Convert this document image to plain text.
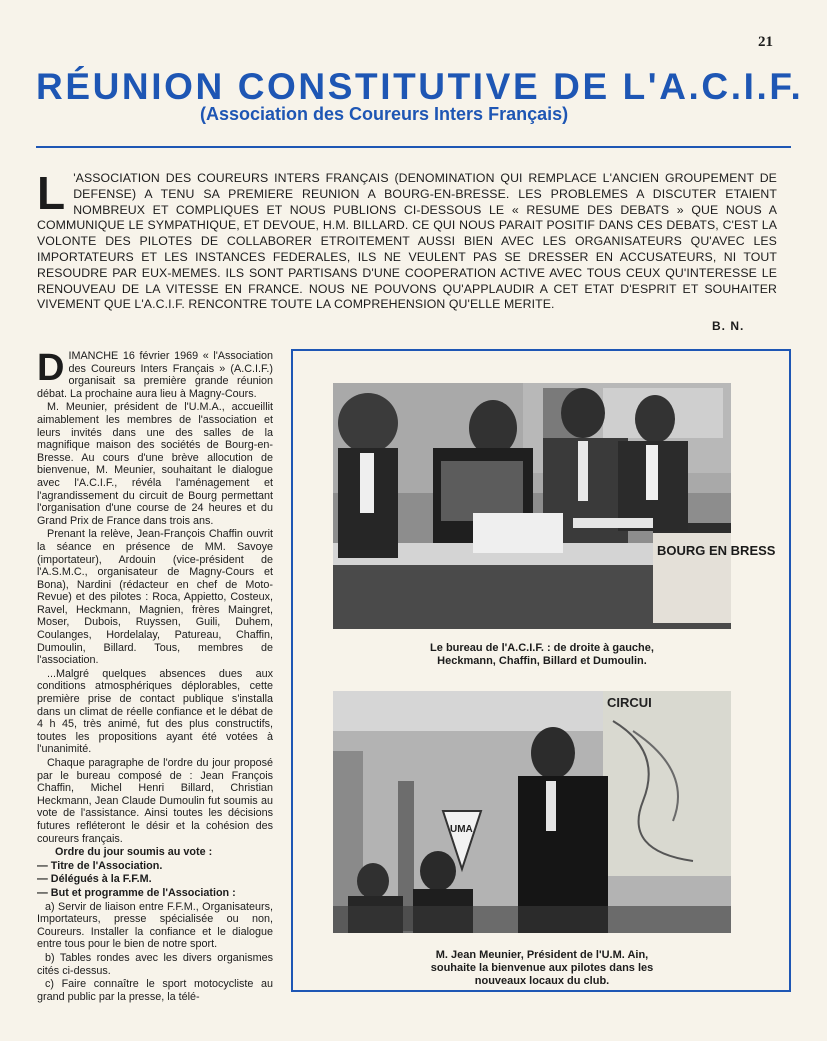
21
RÉUNION CONSTITUTIVE DE L'A.C.I.F.
(Association des Coureurs Inters Français)
L 'ASSOCIATION DES COUREURS INTERS FRANÇAIS (DENOMINATION QUI REMPLACE L'ANCIEN GROUPEMENT DE DEFENSE) A TENU SA PREMIERE REUNION A BOURG-EN-BRESSE. LES PROBLEMES A DISCUTER ETAIENT NOMBREUX ET COMPLIQUES ET NOUS PUBLIONS CI-DESSOUS LE « RESUME DES DEBATS » QUE NOUS A COMMUNIQUE LE SYMPATHIQUE, ET DEVOUE, H.M. BILLARD. CE QUI NOUS PARAIT POSITIF DANS CES DEBATS, C'EST LA VOLONTE DES PILOTES DE COLLABORER ETROITEMENT AUSSI BIEN AVEC LES ORGANISATEURS QU'AVEC LES IMPORTATEURS ET LES INSTANCES FEDERALES, ILS NE VEULENT PAS SE DRESSER EN ACCUSATEURS, NI TOUT RESOUDRE PAR EUX-MEMES. ILS SONT PARTISANS D'UNE COOPERATION ACTIVE AVEC TOUS CEUX QU'INTERESSE LE RENOUVEAU DE LA VITESSE EN FRANCE. NOUS NE POUVONS QU'APPLAUDIR A CET ETAT D'ESPRIT ET SOUHAITER VIVEMENT QUE L'A.C.I.F. RENCONTRE TOUTE LA COMPREHENSION QU'ELLE MERITE.
B. N.

DIMANCHE 16 février 1969 « l'Association des Coureurs Inters Français » (A.C.I.F.) organisait sa première grande réunion débat. La prochaine aura lieu à Magny-Cours.

M. Meunier, président de l'U.M.A., accueillit aimablement les membres de l'association et leurs invités dans une des salles de la magnifique maison des sociétés de Bourg-en-Bresse. Au cours d'une brève allocution de bienvenue, M. Meunier, souhaitant le dialogue avec l'A.C.I.F., révéla l'aménagement et l'agrandissement du circuit de Bourg permettant l'organisation d'une course de 24 heures et du Grand Prix de France dans trois ans.

Prenant la relève, Jean-François Chaffin ouvrit la séance en présence de MM. Savoye (importateur), Ardouin (vice-président de l'A.S.M.C., organisateur de Magny-Cours et Bona), Nardini (rédacteur en chef de Moto-Revue) et des pilotes : Roca, Appietto, Costeux, Ravel, Heckmann, Magnien, frères Maingret, Moser, Dubois, Ruyssen, Guili, Duhem, Coulanges, Hordelalay, Patureau, Chaffin, Dumoulin, Billard. Tous, membres de l'association.

...Malgré quelques absences dues aux conditions atmosphériques déplorables, cette première prise de contact publique s'installa dans un climat de réelle confiance et le débat de 4 h 45, très animé, fut des plus constructifs, toutes les propositions ayant été votées à l'unanimité.

Chaque paragraphe de l'ordre du jour proposé par le bureau composé de : Jean François Chaffin, Michel Henri Billard, Christian Heckmann, Jean Claude Dumoulin fut soumis au vote de l'assistance. Ainsi toutes les décisions futures refléteront le désir et la cohésion des coureurs français.

Ordre du jour soumis au vote :

— Titre de l'Association.

— Délégués à la F.F.M.

— But et programme de l'Association :

a) Servir de liaison entre F.F.M., Organisateurs, Importateurs, presse spécialisée ou non, Coureurs. Installer la confiance et le dialogue entre tous pour le bien de notre sport.

b) Tables rondes avec les divers organismes cités ci-dessus.

c) Faire connaître le sport motocycliste au grand public par la presse, la télé-

BOURG EN BRESS
Le bureau de l'A.C.I.F. : de droite à gauche,
Heckmann, Chaffin, Billard et Dumoulin.
CIRCUI
UMA
M. Jean Meunier, Président de l'U.M. Ain,
souhaite la bienvenue aux pilotes dans les
nouveaux locaux du club.
